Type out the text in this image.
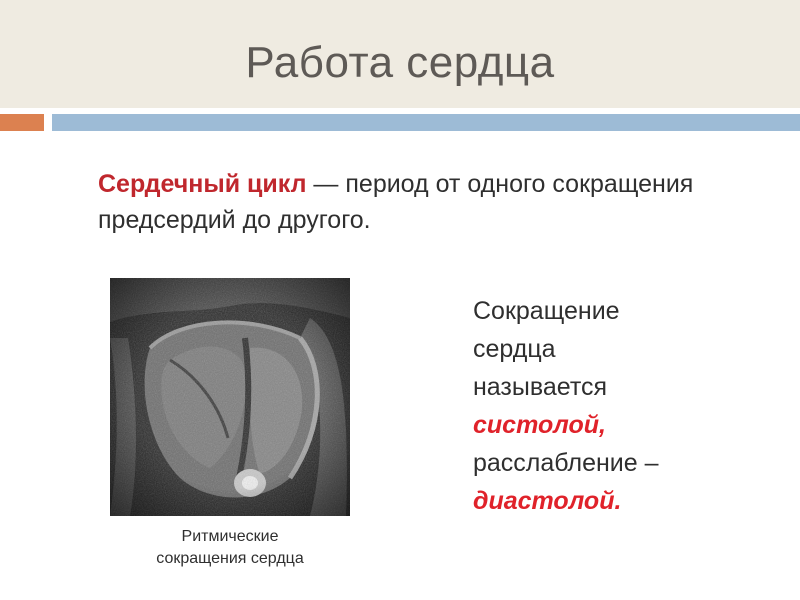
Работа сердца
Сердечный цикл — период от одного сокращения предсердий до другого.
Ритмические
сокращения сердца
Сокращение
сердца
называется
систолой,
расслабление –
диастолой.
